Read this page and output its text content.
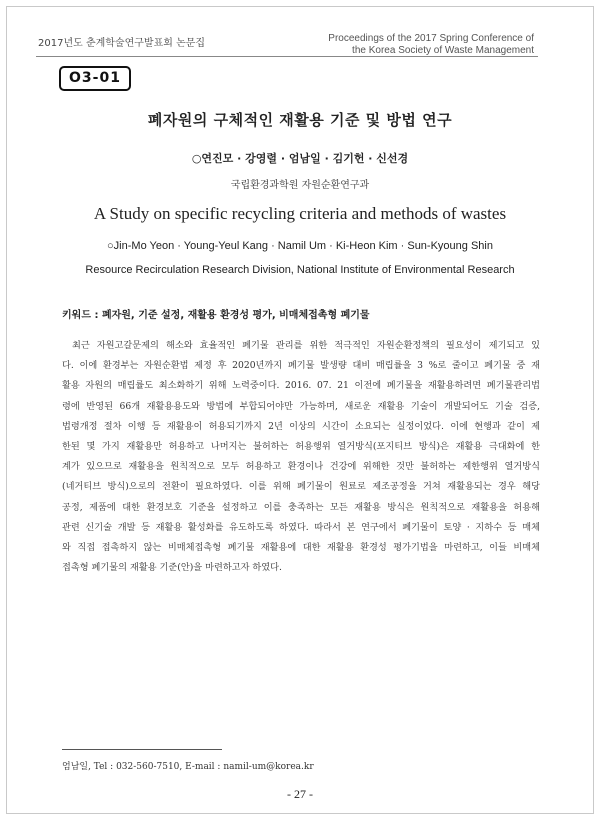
2017년도 춘계학술연구발표회 논문집	Proceedings of the 2017 Spring Conference of
the Korea Society of Waste Management
O3-01
폐자원의 구체적인 재활용 기준 및 방법 연구
○연진모 · 강영렬 · 엄남일 · 김기헌 · 신선경
국립환경과학원 자원순환연구과
A Study on specific recycling criteria and methods of wastes
○Jin-Mo Yeon · Young-Yeul Kang · Namil Um · Ki-Heon Kim · Sun-Kyoung Shin
Resource Recirculation Research Division, National Institute of Environmental Research
키워드 : 폐자원, 기준 설정, 재활용 환경성 평가, 비매체접촉형 폐기물
최근 자원고갈문제의 해소와 효율적인 폐기물 관리를 위한 적극적인 자원순환정책의 필요성이 제기되고 있
다. 이에 환경부는 자원순환법 제정 후 2020년까지 폐기물 발생량 대비 매립률을 3 %로 줄이고 폐기물 중 재
활용 자원의 매립률도 최소화하기 위해 노력중이다. 2016. 07. 21 이전에 폐기물을 재활용하려면 폐기물관리법
령에 반영된 66개 재활용용도와 방법에 부합되어야만 가능하며, 새로운 재활용 기술이 개발되어도 기술 검증,
법령개정 절차 이행 등 재활용이 허용되기까지 2년 이상의 시간이 소요되는 실정이었다. 이에 현행과 같이 제
한된 몇 가지 재활용만 허용하고 나머지는 불허하는 허용행위 열거방식(포지티브 방식)은 재활용 극대화에 한
계가 있으므로 재활용을 원칙적으로 모두 허용하고 환경이나 건강에 위해한 것만 불허하는 제한행위 열거방식
(네거티브 방식)으로의 전환이 필요하였다. 이를 위해 폐기물이 원료로 제조공정을 거쳐 재활용되는 경우 해당
공정, 제품에 대한 환경보호 기준을 설정하고 이를 충족하는 모든 재활용 방식은 원칙적으로 재활용을 허용해
관련 신기술 개발 등 재활용 활성화를 유도하도록 하였다. 따라서 본 연구에서 폐기물이 토양 · 지하수 등 매체
와 직접 접촉하지 않는 비매체접촉형 폐기물 재활용에 대한 재활용 환경성 평가기법을 마련하고, 이들 비매체
접촉형 폐기물의 재활용 기준(안)을 마련하고자 하였다.
엄남일, Tel : 032-560-7510, E-mail : namil-um@korea.kr
- 27 -
